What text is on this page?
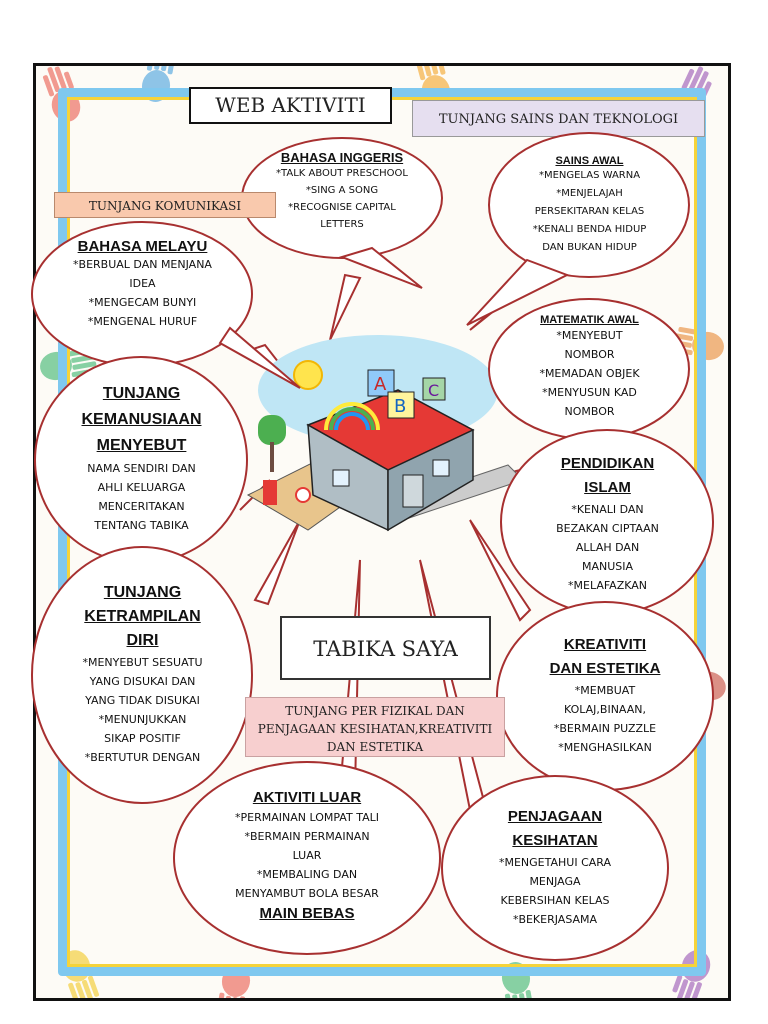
A
B
C
WEB AKTIVITI
TUNJANG SAINS DAN TEKNOLOGI
BAHASA INGGERIS
*TALK ABOUT PRESCHOOL
*SING A SONG
*RECOGNISE CAPITAL
LETTERS
SAINS AWAL
*MENGELAS WARNA
*MENJELAJAH
PERSEKITARAN KELAS
*KENALI BENDA HIDUP
DAN BUKAN HIDUP
TUNJANG KOMUNIKASI
BAHASA MELAYU
*BERBUAL DAN MENJANA
IDEA
*MENGECAM BUNYI
*MENGENAL HURUF	MATEMATIK AWAL
*MENYEBUT
NOMBOR
*MEMADAN OBJEK
*MENYUSUN KAD
NOMBOR
TUNJANG
KEMANUSIAAN
MENYEBUT
NAMA SENDIRI DAN
AHLI KELUARGA
MENCERITAKAN
TENTANG TABIKA
PENDIDIKAN
ISLAM
*KENALI DAN
BEZAKAN CIPTAAN
ALLAH DAN
MANUSIA
*MELAFAZKAN
TUNJANG
KETRAMPILAN
DIRI
*MENYEBUT SESUATU
YANG DISUKAI DAN
YANG TIDAK DISUKAI
*MENUNJUKKAN
SIKAP POSITIF
*BERTUTUR DENGAN
TABIKA SAYA	KREATIVITI
DAN ESTETIKA
*MEMBUAT
KOLAJ,BINAAN,
*BERMAIN PUZZLE
*MENGHASILKAN
TUNJANG PER FIZIKAL DAN
PENJAGAAN KESIHATAN,KREATIVITI
DAN ESTETIKA
AKTIVITI LUAR
*PERMAINAN LOMPAT TALI
*BERMAIN PERMAINAN
LUAR
*MEMBALING DAN
MENYAMBUT BOLA BESAR
MAIN BEBAS
PENJAGAAN
KESIHATAN
*MENGETAHUI CARA
MENJAGA
KEBERSIHAN KELAS
*BEKERJASAMA
